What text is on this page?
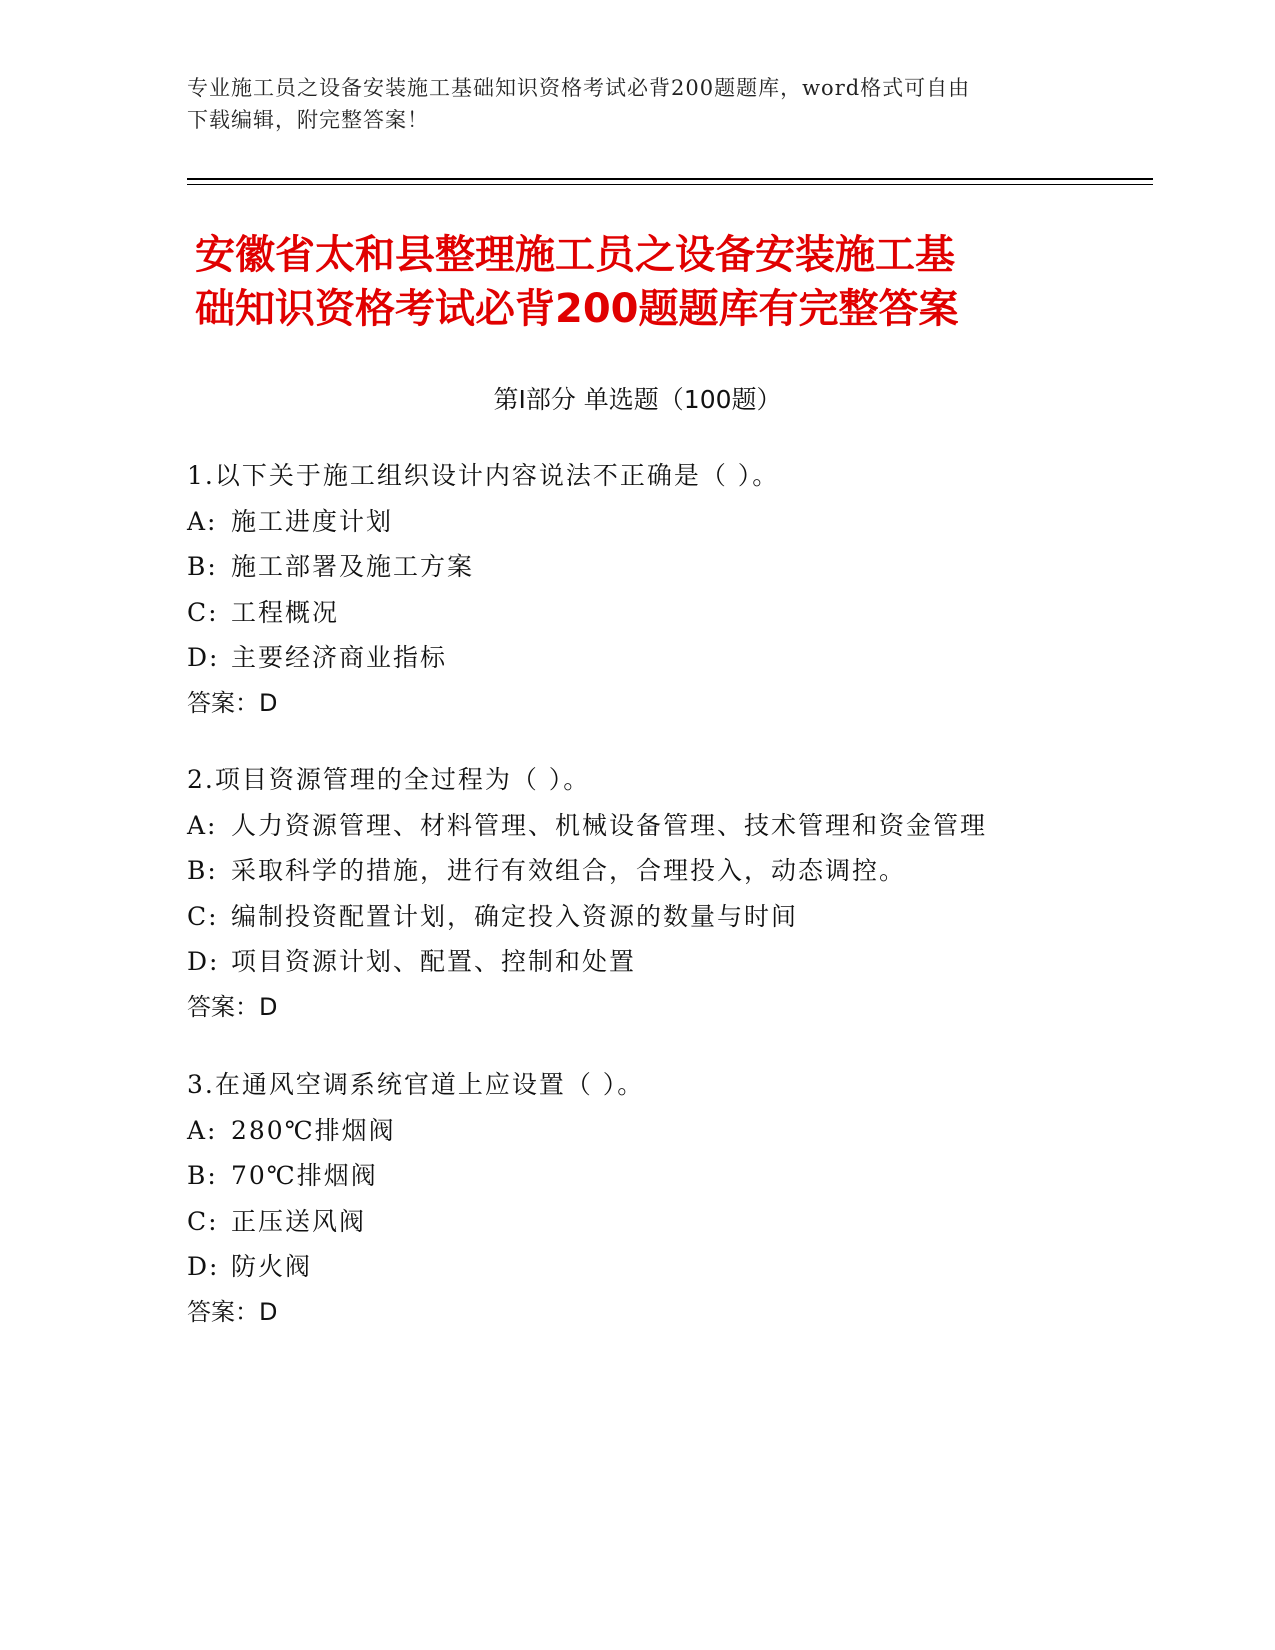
专业施工员之设备安装施工基础知识资格考试必背200题题库，word格式可自由
下载编辑，附完整答案！
安徽省太和县整理施工员之设备安装施工基
础知识资格考试必背200题题库有完整答案
第Ⅰ部分 单选题（100题）
1.以下关于施工组织设计内容说法不正确是（ ）。
A: 施工进度计划
B: 施工部署及施工方案
C: 工程概况
D: 主要经济商业指标
答案：D
2.项目资源管理的全过程为（ ）。
A: 人力资源管理、材料管理、机械设备管理、技术管理和资金管理
B: 采取科学的措施，进行有效组合，合理投入，动态调控。
C: 编制投资配置计划，确定投入资源的数量与时间
D: 项目资源计划、配置、控制和处置
答案：D
3.在通风空调系统官道上应设置（ ）。
A: 280℃排烟阀
B: 70℃排烟阀
C: 正压送风阀
D: 防火阀
答案：D
